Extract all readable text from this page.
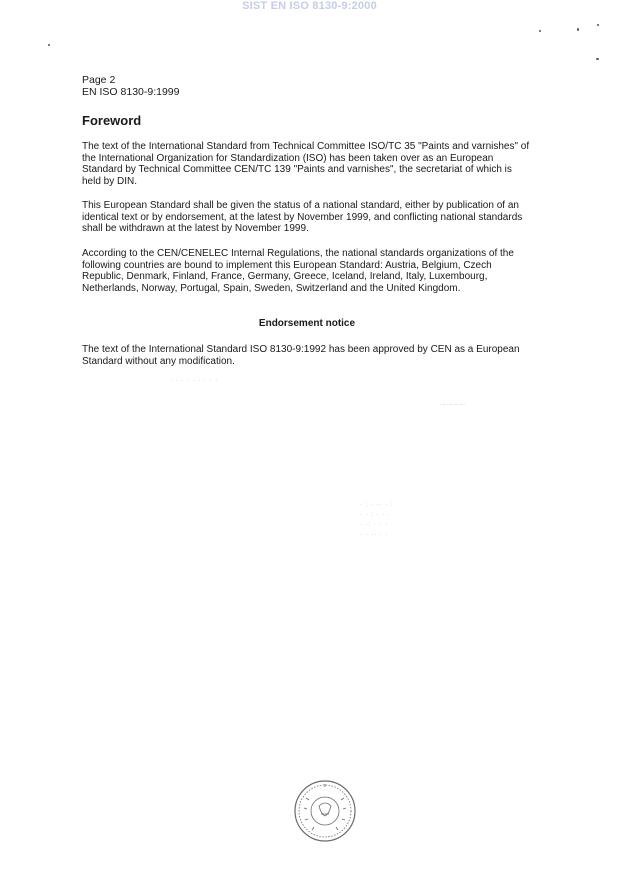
SIST EN ISO 8130-9:2000
Page 2
EN ISO 8130-9:1999
Foreword

The text of the International Standard from Technical Committee ISO/TC 35 "Paints and varnishes" of the International Organization for Standardization (ISO) has been taken over as an European Standard by Technical Committee CEN/TC 139 "Paints and varnishes", the secretariat of which is held by DIN.

This European Standard shall be given the status of a national standard, either by publication of an identical text or by endorsement, at the latest by November 1999, and conflicting national standards shall be withdrawn at the latest by November 1999.

According to the CEN/CENELEC Internal Regulations, the national standards organizations of the following countries are bound to implement this European Standard: Austria, Belgium, Czech Republic, Denmark, Finland, France, Germany, Greece, Iceland, Ireland, Italy, Luxembourg, Netherlands, Norway, Portugal, Spain, Sweden, Switzerland and the United Kingdom.

Endorsement notice

The text of the International Standard ISO 8130-9:1992 has been approved by CEN as a European Standard without any modification.

· · · · · · · · ·
·-·-·-·-·
· : · ·· · :
· · : · · ·
· ·: · · ·
· · ·· · ·
